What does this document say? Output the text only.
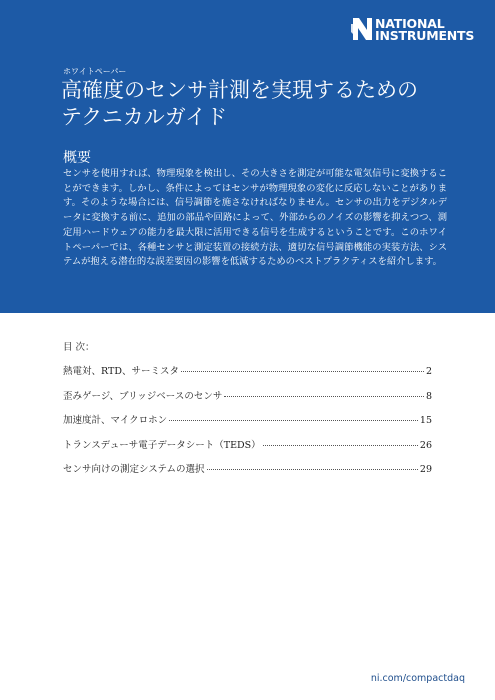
NATIONAL
INSTRUMENTS
ホワイトペーパー
高確度のセンサ計測を実現するための
テクニカルガイド
概要

センサを使用すれば、物理現象を検出し、その大きさを測定が可能な電気信号に変換することができます。しかし、条件によってはセンサが物理現象の変化に反応しないことがあります。そのような場合には、信号調節を施さなければなりません。センサの出力をデジタルデータに変換する前に、追加の部品や回路によって、外部からのノイズの影響を抑えつつ、測定用ハードウェアの能力を最大限に活用できる信号を生成するということです。このホワイトペーパーでは、各種センサと測定装置の接続方法、適切な信号調節機能の実装方法、システムが抱える潜在的な誤差要因の影響を低減するためのベストプラクティスを紹介します。

目 次：
熱電対、RTD、サーミスタ	2
歪みゲージ、ブリッジベースのセンサ	8
加速度計、マイクロホン	15
トランスデューサ電子データシート（TEDS）	26
センサ向けの測定システムの選択	29
ni.com/compactdaq
